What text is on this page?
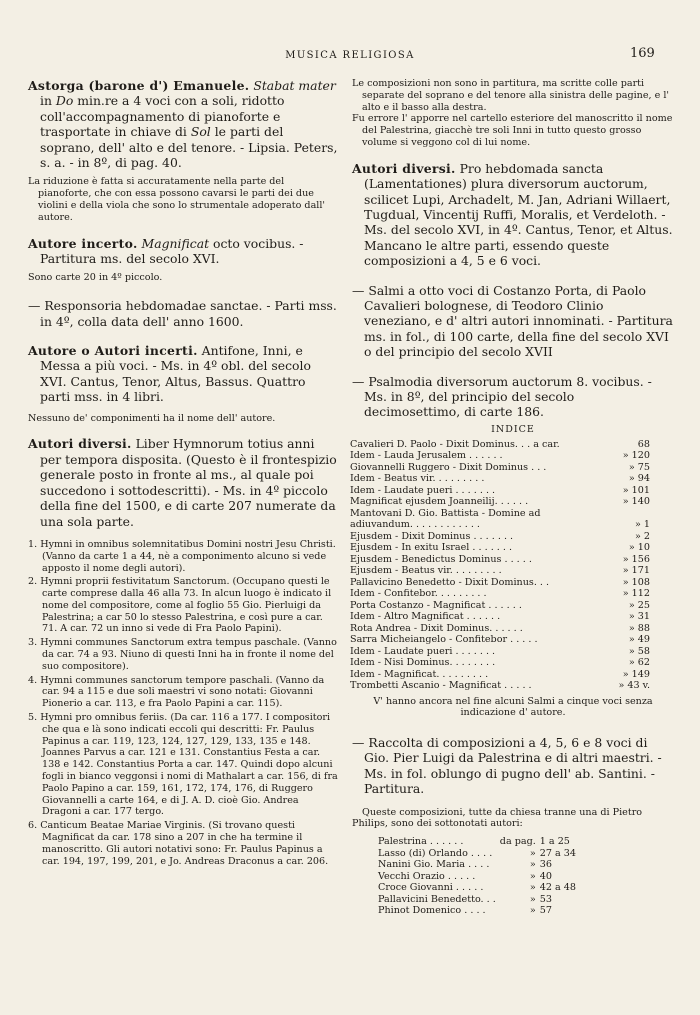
MUSICA RELIGIOSA	169

Astorga (barone d') Emanuele. Stabat mater in Do min.re a 4 voci con a soli, ridotto coll'accompagnamento di pianoforte e trasportate in chiave di Sol le parti del soprano, dell' alto e del tenore. - Lipsia. Peters, s. a. - in 8º, di pag. 40.

La riduzione è fatta si accuratamente nella parte del pianoforte, che con essa possono cavarsi le parti dei due violini e della viola che sono lo strumentale adoperato dall' autore.

Autore incerto. Magnificat octo vocibus. - Partitura ms. del secolo XVI.

Sono carte 20 in 4º piccolo.

— Responsoria hebdomadae sanctae. - Parti mss. in 4º, colla data dell' anno 1600.

Autore o Autori incerti. Antifone, Inni, e Messa a più voci. - Ms. in 4º obl. del secolo XVI. Cantus, Tenor, Altus, Bassus. Quattro parti mss. in 4 libri.

Nessuno de' componimenti ha il nome dell' autore.

Autori diversi. Liber Hymnorum totius anni per tempora disposita. (Questo è il frontespizio generale posto in fronte al ms., al quale poi succedono i sottodescritti). - Ms. in 4º piccolo della fine del 1500, e di carte 207 numerate da una sola parte.

1. Hymni in omnibus solemnitatibus Domini nostri Jesu Christi. (Vanno da carte 1 a 44, nè a componimento alcuno si vede apposto il nome degli autori).
2. Hymni proprii festivitatum Sanctorum. (Occupano questi le carte comprese dalla 46 alla 73. In alcun luogo è indicato il nome del compositore, come al foglio 55 Gio. Pierluigi da Palestrina; a car 50 lo stesso Palestrina, e così pure a car. 71. A car. 72 un inno si vede di Fra Paolo Papini).
3. Hymni communes Sanctorum extra tempus paschale. (Vanno da car. 74 a 93. Niuno di questi Inni ha in fronte il nome del suo compositore).
4. Hymni communes sanctorum tempore paschali. (Vanno da car. 94 a 115 e due soli maestri vi sono notati: Giovanni Pionerio a car. 113, e fra Paolo Papini a car. 115).
5. Hymni pro omnibus feriis. (Da car. 116 a 177. I compositori che qua e là sono indicati eccoli qui descritti: Fr. Paulus Papinus a car. 119, 123, 124, 127, 129, 133, 135 e 148. Joannes Parvus a car. 121 e 131. Constantius Festa a car. 138 e 142. Constantius Porta a car. 147. Quindi dopo alcuni fogli in bianco veggonsi i nomi di Mathalart a car. 156, di fra Paolo Papino a car. 159, 161, 172, 174, 176, di Ruggero Giovannelli a carte 164, e di J. A. D. cioè Gio. Andrea Dragoni a car. 177 tergo.
6. Canticum Beatae Mariae Virginis. (Si trovano questi Magnificat da car. 178 sino a 207 in che ha termine il manoscritto. Gli autori notativi sono: Fr. Paulus Papinus a car. 194, 197, 199, 201, e Jo. Andreas Draconus a car. 206.

Le composizioni non sono in partitura, ma scritte colle parti separate del soprano e del tenore alla sinistra delle pagine, e l' alto e il basso alla destra.

Fu errore l' apporre nel cartello esteriore del manoscritto il nome del Palestrina, giacchè tre soli Inni in tutto questo grosso volume si veggono col di lui nome.

Autori diversi. Pro hebdomada sancta (Lamentationes) plura diversorum auctorum, scilicet Lupi, Archadelt, M. Jan, Adriani Willaert, Tugdual, Vincentij Ruffi, Moralis, et Verdeloth. - Ms. del secolo XVI, in 4º. Cantus, Tenor, et Altus. Mancano le altre parti, essendo queste composizioni a 4, 5 e 6 voci.

— Salmi a otto voci di Costanzo Porta, di Paolo Cavalieri bolognese, di Teodoro Clinio veneziano, e d' altri autori innominati. - Partitura ms. in fol., di 100 carte, della fine del secolo XVI o del principio del secolo XVII

— Psalmodia diversorum auctorum 8. vocibus. - Ms. in 8º, del principio del secolo decimosettimo, di carte 186.

INDICE
Cavalieri D. Paolo - Dixit Dominus. . . a car.	68
Idem - Lauda Jerusalem . . . . . .	» 120
Giovannelli Ruggero - Dixit Dominus . . .	» 75
Idem - Beatus vir. . . . . . . . .	» 94
Idem - Laudate pueri . . . . . . .	» 101
Magnificat ejusdem Joanneilij. . . . . .	» 140
Mantovani D. Gio. Battista - Domine ad	
adiuvandum. . . . . . . . . . . .	» 1
Ejusdem - Dixit Dominus . . . . . . .	» 2
Ejusdem - In exitu Israel . . . . . . .	» 10
Ejusdem - Benedictus Dominus . . . . .	» 156
Ejusdem - Beatus vir. . . . . . . . .	» 171
Pallavicino Benedetto - Dixit Dominus. . .	» 108
Idem - Confitebor. . . . . . . . .	» 112
Porta Costanzo - Magnificat . . . . . .	» 25
Idem - Altro Magnificat . . . . . .	» 31
Rota Andrea - Dixit Dominus. . . . . .	» 88
Sarra Micheiangelo - Confitebor . . . . .	» 49
Idem - Laudate pueri . . . . . . .	» 58
Idem - Nisi Dominus. . . . . . . .	» 62
Idem - Magnificat. . . . . . . . .	» 149
Trombetti Ascanio - Magnificat . . . . .	» 43 v.
V' hanno ancora nel fine alcuni Salmi a cinque voci senza indicazione d' autore.

— Raccolta di composizioni a 4, 5, 6 e 8 voci di Gio. Pier Luigi da Palestrina e di altri maestri. - Ms. in fol. oblungo di pugno dell' ab. Santini. - Partitura.

Queste composizioni, tutte da chiesa tranne una di Pietro Philips, sono dei sottonotati autori:

Palestrina . . . . . .	da pag.	1 a 25
Lasso (di) Orlando . . . .	»	27 a 34
Nanini Gio. Maria . . . .	»	36
Vecchi Orazio . . . . .	»	40
Croce Giovanni . . . . .	»	42 a 48
Pallavicini Benedetto. . .	»	53
Phinot Domenico . . . .	»	57
